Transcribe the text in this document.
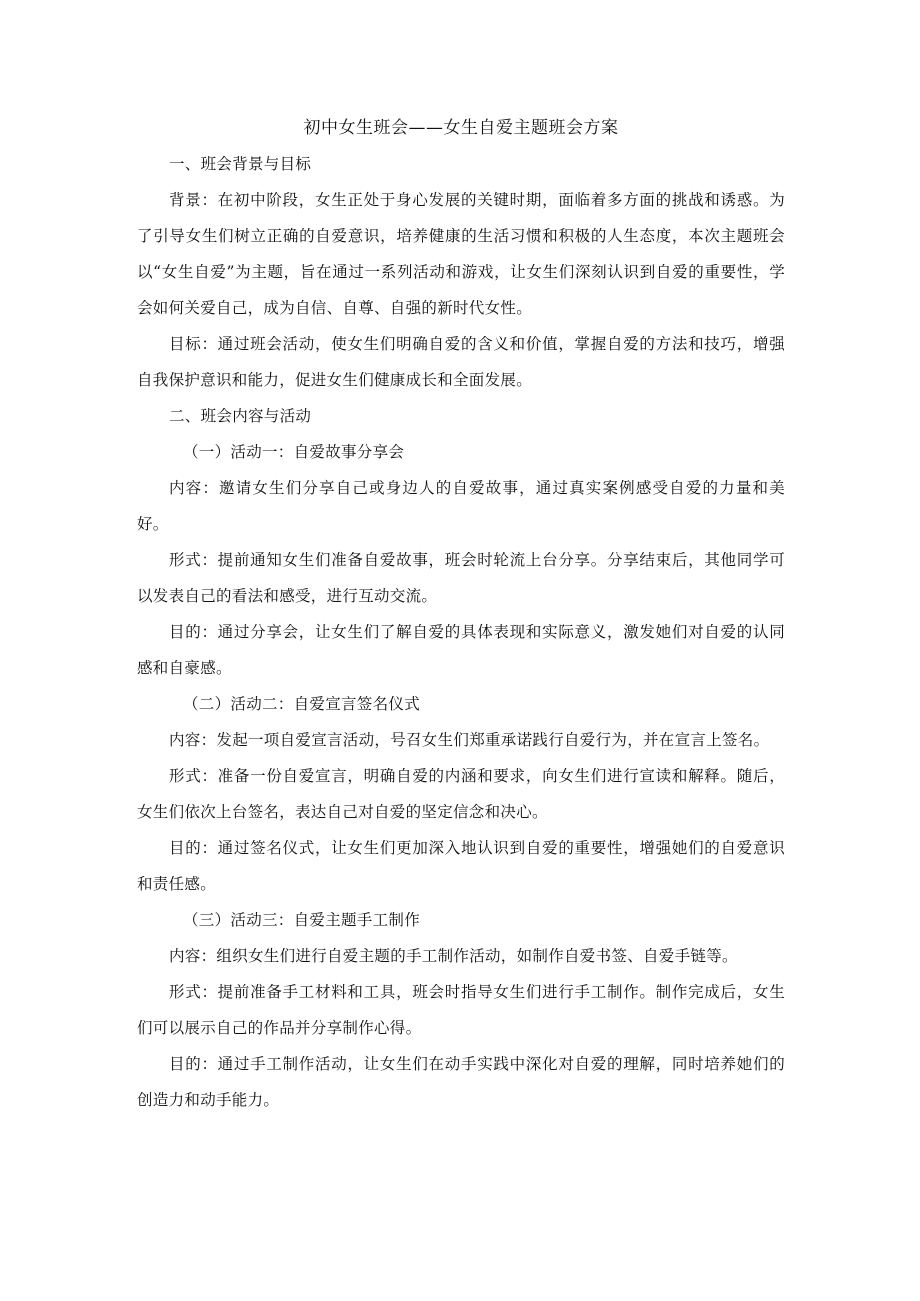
初中女生班会——女生自爱主题班会方案

一、班会背景与目标

背景：在初中阶段，女生正处于身心发展的关键时期，面临着多方面的挑战和诱惑。为了引导女生们树立正确的自爱意识，培养健康的生活习惯和积极的人生态度，本次主题班会以“女生自爱”为主题，旨在通过一系列活动和游戏，让女生们深刻认识到自爱的重要性，学会如何关爱自己，成为自信、自尊、自强的新时代女性。

目标：通过班会活动，使女生们明确自爱的含义和价值，掌握自爱的方法和技巧，增强自我保护意识和能力，促进女生们健康成长和全面发展。

二、班会内容与活动

（一）活动一：自爱故事分享会

内容：邀请女生们分享自己或身边人的自爱故事，通过真实案例感受自爱的力量和美好。

形式：提前通知女生们准备自爱故事，班会时轮流上台分享。分享结束后，其他同学可以发表自己的看法和感受，进行互动交流。

目的：通过分享会，让女生们了解自爱的具体表现和实际意义，激发她们对自爱的认同感和自豪感。

（二）活动二：自爱宣言签名仪式

内容：发起一项自爱宣言活动，号召女生们郑重承诺践行自爱行为，并在宣言上签名。

形式：准备一份自爱宣言，明确自爱的内涵和要求，向女生们进行宣读和解释。随后，女生们依次上台签名，表达自己对自爱的坚定信念和决心。

目的：通过签名仪式，让女生们更加深入地认识到自爱的重要性，增强她们的自爱意识和责任感。

（三）活动三：自爱主题手工制作

内容：组织女生们进行自爱主题的手工制作活动，如制作自爱书签、自爱手链等。

形式：提前准备手工材料和工具，班会时指导女生们进行手工制作。制作完成后，女生们可以展示自己的作品并分享制作心得。

目的：通过手工制作活动，让女生们在动手实践中深化对自爱的理解，同时培养她们的创造力和动手能力。
